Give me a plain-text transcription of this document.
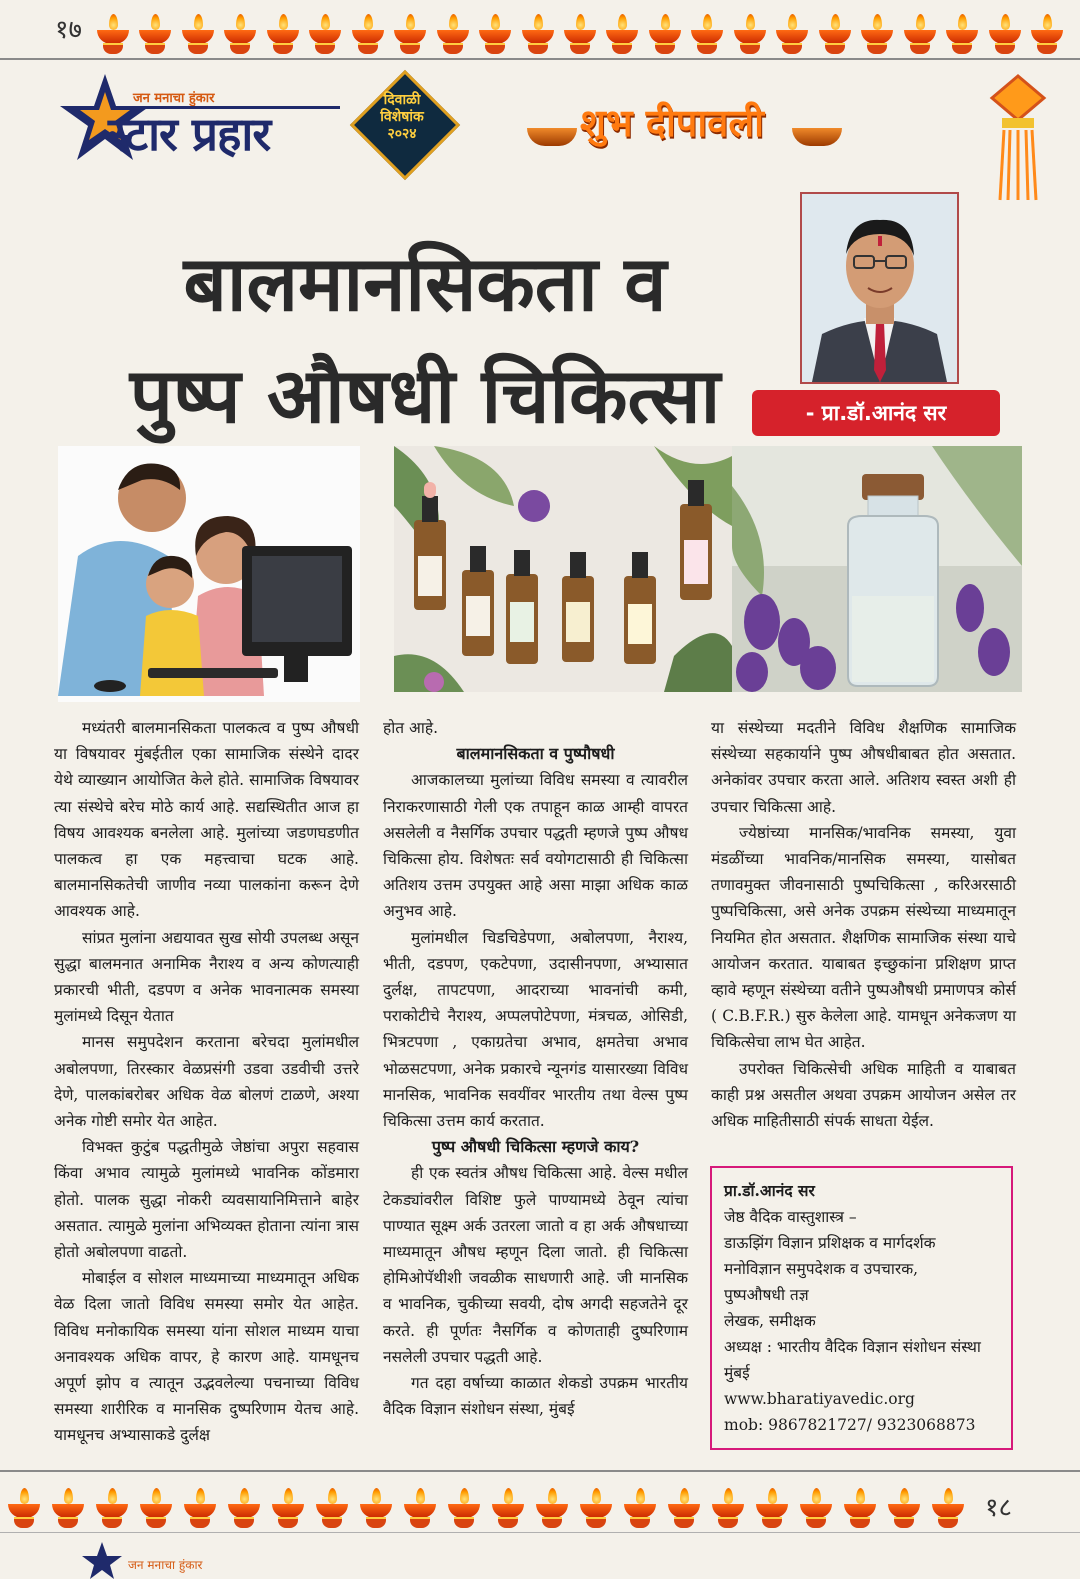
१७
जन मनाचा हुंकार
स्टार प्रहार
दिवाळी
विशेषांक
२०२४	शुभ दीपावली
बालमानसिकता व
पुष्प औषधी चिकित्सा	- प्रा.डॉ.आनंद सर

मध्यंतरी बालमानसिकता पालकत्व व पुष्प औषधी या विषयावर मुंबईतील एका सामाजिक संस्थेने दादर येथे व्याख्यान आयोजित केले होते. सामाजिक विषयावर त्या संस्थेचे बरेच मोठे कार्य आहे. सद्यस्थितीत आज हा विषय आवश्यक बनलेला आहे. मुलांच्या जडणघडणीत पालकत्व हा एक महत्त्वाचा घटक आहे. बालमानसिकतेची जाणीव नव्या पालकांना करून देणे आवश्यक आहे.

सांप्रत मुलांना अद्ययावत सुख सोयी उपलब्ध असून सुद्धा बालमनात अनामिक नैराश्य व अन्य कोणत्याही प्रकारची भीती, दडपण व अनेक भावनात्मक समस्या मुलांमध्ये दिसून येतात

मानस समुपदेशन करताना बरेचदा मुलांमधील अबोलपणा, तिरस्कार वेळप्रसंगी उडवा उडवीची उत्तरे देणे, पालकांबरोबर अधिक वेळ बोलणं टाळणे, अश्या अनेक गोष्टी समोर येत आहेत.

विभक्त कुटुंब पद्धतीमुळे जेष्ठांचा अपुरा सहवास किंवा अभाव त्यामुळे मुलांमध्ये भावनिक कोंडमारा होतो. पालक सुद्धा नोकरी व्यवसायानिमित्ताने बाहेर असतात. त्यामुळे मुलांना अभिव्यक्त होताना त्यांना त्रास होतो अबोलपणा वाढतो.

मोबाईल व सोशल माध्यमाच्या माध्यमातून अधिक वेळ दिला जातो विविध समस्या समोर येत आहेत. विविध मनोकायिक समस्या यांना सोशल माध्यम याचा अनावश्यक अधिक वापर, हे कारण आहे. यामधूनच अपूर्ण झोप व त्यातून उद्भवलेल्या पचनाच्या विविध समस्या शारीरिक व मानसिक दुष्परिणाम येतच आहे. यामधूनच अभ्यासाकडे दुर्लक्ष

होत आहे.

बालमानसिकता व पुष्पौषधी

आजकालच्या मुलांच्या विविध समस्या व त्यावरील निराकरणासाठी गेली एक तपाहून काळ आम्ही वापरत असलेली व नैसर्गिक उपचार पद्धती म्हणजे पुष्प औषध चिकित्सा होय. विशेषतः सर्व वयोगटासाठी ही चिकित्सा अतिशय उत्तम उपयुक्त आहे असा माझा अधिक काळ अनुभव आहे.

मुलांमधील चिडचिडेपणा, अबोलपणा, नैराश्य, भीती, दडपण, एकटेपणा, उदासीनपणा, अभ्यासात दुर्लक्ष, तापटपणा, आदराच्या भावनांची कमी, पराकोटीचे नैराश्य, अप्पलपोटेपणा, मंत्रचळ, ओसिडी, भित्रटपणा , एकाग्रतेचा अभाव, क्षमतेचा अभाव भोळसटपणा, अनेक प्रकारचे न्यूनगंड यासारख्या विविध मानसिक, भावनिक सवयींवर भारतीय तथा वेल्स पुष्प चिकित्सा उत्तम कार्य करतात.

पुष्प औषधी चिकित्सा म्हणजे काय?

ही एक स्वतंत्र औषध चिकित्सा आहे. वेल्स मधील टेकड्यांवरील विशिष्ट फुले पाण्यामध्ये ठेवून त्यांचा पाण्यात सूक्ष्म अर्क उतरला जातो व हा अर्क औषधाच्या माध्यमातून औषध म्हणून दिला जातो. ही चिकित्सा होमिओपॅथीशी जवळीक साधणारी आहे. जी मानसिक व भावनिक, चुकीच्या सवयी, दोष अगदी सहजतेने दूर करते. ही पूर्णतः नैसर्गिक व कोणताही दुष्परिणाम नसलेली उपचार पद्धती आहे.

गत दहा वर्षाच्या काळात शेकडो उपक्रम भारतीय वैदिक विज्ञान संशोधन संस्था, मुंबई

या संस्थेच्या मदतीने विविध शैक्षणिक सामाजिक संस्थेच्या सहकार्याने पुष्प औषधीबाबत होत असतात. अनेकांवर उपचार करता आले. अतिशय स्वस्त अशी ही उपचार चिकित्सा आहे.

ज्येष्ठांच्या मानसिक/भावनिक समस्या, युवा मंडळींच्या भावनिक/मानसिक समस्या, यासोबत तणावमुक्त जीवनासाठी पुष्पचिकित्सा , करिअरसाठी पुष्पचिकित्सा, असे अनेक उपक्रम संस्थेच्या माध्यमातून नियमित होत असतात. शैक्षणिक सामाजिक संस्था याचे आयोजन करतात. याबाबत इच्छुकांना प्रशिक्षण प्राप्त व्हावे म्हणून संस्थेच्या वतीने पुष्पऔषधी प्रमाणपत्र कोर्स ( C.B.F.R.) सुरु केलेला आहे. यामधून अनेकजण या चिकित्सेचा लाभ घेत आहेत.

उपरोक्त चिकित्सेची अधिक माहिती व याबाबत काही प्रश्न असतील अथवा उपक्रम आयोजन असेल तर अधिक माहितीसाठी संपर्क साधता येईल.

प्रा.डॉ.आनंद सर
जेष्ठ वैदिक वास्तुशास्त्र –
डाऊझिंग विज्ञान प्रशिक्षक व मार्गदर्शक
मनोविज्ञान समुपदेशक व उपचारक,
पुष्पऔषधी तज्ञ
लेखक, समीक्षक
अध्यक्ष : भारतीय वैदिक विज्ञान संशोधन संस्था मुंबई
www.bharatiyavedic.org
mob: 9867821727/ 9323068873
१८
जन मनाचा हुंकार
